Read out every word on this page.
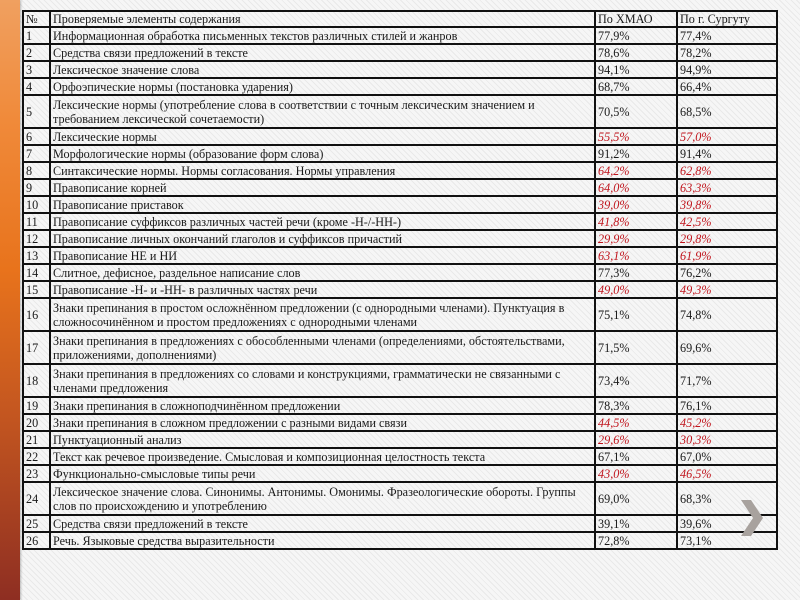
№	Проверяемые элементы содержания	По ХМАО	По г. Сургуту
1	Информационная обработка письменных текстов различных стилей и жанров	77,9%	77,4%
2	Средства связи предложений в тексте	78,6%	78,2%
3	Лексическое значение слова	94,1%	94,9%
4	Орфоэпические нормы (постановка ударения)	68,7%	66,4%
5	Лексические нормы (употребление слова в соответствии с точным лексическим значением и требованием лексической сочетаемости)	70,5%	68,5%
6	Лексические нормы	55,5%	57,0%
7	Морфологические нормы (образование форм слова)	91,2%	91,4%
8	Синтаксические нормы. Нормы согласования. Нормы управления	64,2%	62,8%
9	Правописание корней	64,0%	63,3%
10	Правописание приставок	39,0%	39,8%
11	Правописание суффиксов различных частей речи (кроме -Н-/-НН-)	41,8%	42,5%
12	Правописание личных окончаний глаголов и суффиксов причастий	29,9%	29,8%
13	Правописание НЕ и НИ	63,1%	61,9%
14	Слитное, дефисное, раздельное написание слов	77,3%	76,2%
15	Правописание -Н- и -НН- в различных частях речи	49,0%	49,3%
16	Знаки препинания в простом осложнённом предложении (с однородными членами). Пунктуация в сложносочинённом и простом предложениях с однородными членами	75,1%	74,8%
17	Знаки препинания в предложениях с обособленными членами (определениями, обстоятельствами, приложениями, дополнениями)	71,5%	69,6%
18	Знаки препинания в предложениях со словами и конструкциями, грамматически не связанными с членами предложения	73,4%	71,7%
19	Знаки препинания в сложноподчинённом предложении	78,3%	76,1%
20	Знаки препинания в сложном предложении с разными видами связи	44,5%	45,2%
21	Пунктуационный анализ	29,6%	30,3%
22	Текст как речевое произведение. Смысловая и композиционная целостность текста	67,1%	67,0%
23	Функционально-смысловые типы речи	43,0%	46,5%
24	Лексическое значение слова. Синонимы. Антонимы. Омонимы. Фразеологические обороты. Группы слов по происхождению и употреблению	69,0%	68,3%
25	Средства связи предложений в тексте	39,1%	39,6%
26	Речь. Языковые средства выразительности	72,8%	73,1%
